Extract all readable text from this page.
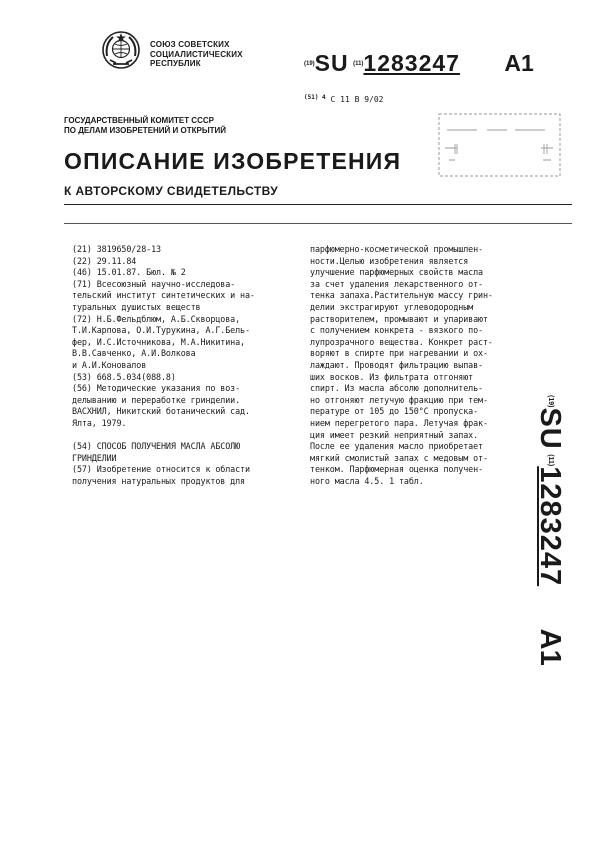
СОЮЗ СОВЕТСКИХ
СОЦИАЛИСТИЧЕСКИХ
РЕСПУБЛИК	$^{(19)}$SU $^{(11)}$1283247 A1
$^{(51) 4}$ C 11 B 9/02
ГОСУДАРСТВЕННЫЙ КОМИТЕТ СССР
ПО ДЕЛАМ ИЗОБРЕТЕНИЙ И ОТКРЫТИЙ
ОПИСАНИЕ ИЗОБРЕТЕНИЯ
К АВТОРСКОМУ СВИДЕТЕЛЬСТВУ
(21) 3819650/28-13
(22) 29.11.84
(46) 15.01.87. Бюл. № 2
(71) Всесоюзный научно-исследова-
тельский институт синтетических и на-
туральных душистых веществ
(72) Н.Б.Фельдблюм, А.Б.Скворцова,
Т.И.Карпова, О.И.Турукина, А.Г.Бель-
фер, И.С.Источникова, М.А.Никитина,
В.В.Савченко, А.И.Волкова
и А.И.Коновалов
(53) 668.5.034(088.8)
(56) Методические указания по воз-
делыванию и переработке гринделии.
ВАСХНИЛ, Никитский ботанический сад.
Ялта, 1979.
(54) СПОСОБ ПОЛУЧЕНИЯ МАСЛА АБСОЛЮ
ГРИНДЕЛИИ
(57) Изобретение относится к области
получения натуральных продуктов для
парфюмерно-косметической промышлен-
ности.Целью изобретения является
улучшение парфюмерных свойств масла
за счет удаления лекарственного от-
тенка запаха.Растительную массу грин-
делии экстрагируют углеводородным
растворителем, промывают и упаривают
с получением конкрета - вязкого по-
лупрозрачного вещества. Конкрет раст-
воряют в спирте при нагревании и ох-
лаждают. Проводят фильтрацию выпав-
ших восков. Из фильтрата отгоняют
спирт. Из масла абсолю дополнитель-
но отгоняют летучую фракцию при тем-
пературе от 105 до 150°С пропуска-
нием перегретого пара. Летучая фрак-
ция имеет резкий неприятный запах.
После ее удаления масло приобретает
мягкий смолистый запах с медовым от-
тенком. Парфюмерная оценка получен-
ного масла 4.5. 1 табл.
$^{(19)}$SU $^{(11)}$1283247 A1
